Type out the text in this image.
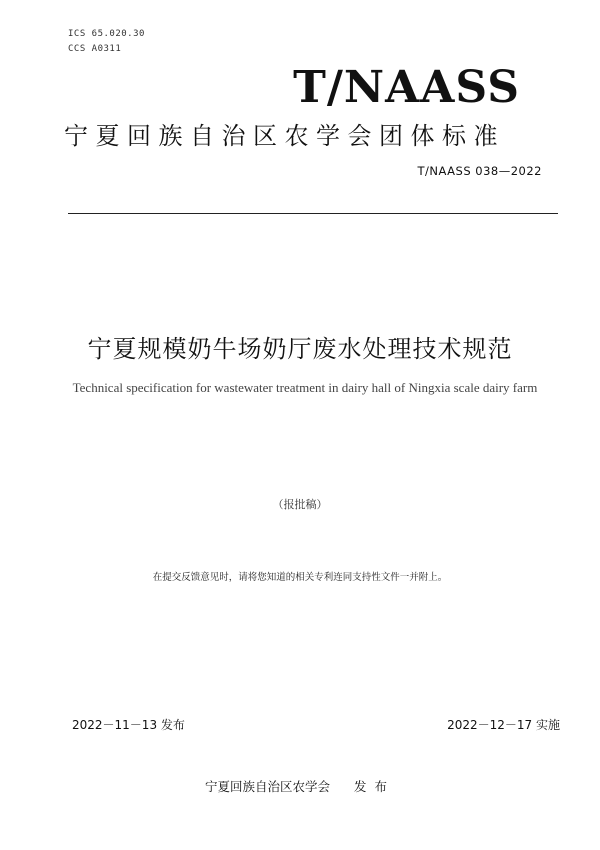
ICS 65.020.30
CCS A0311
T/NAASS
宁夏回族自治区农学会团体标准
T/NAASS 038—2022
宁夏规模奶牛场奶厅废水处理技术规范
Technical specification for wastewater treatment in dairy hall of Ningxia scale dairy farm
（报批稿）
在提交反馈意见时，请将您知道的相关专利连同支持性文件一并附上。
2022－11－13 发布	2022－12－17 实施
宁夏回族自治区农学会 发布
